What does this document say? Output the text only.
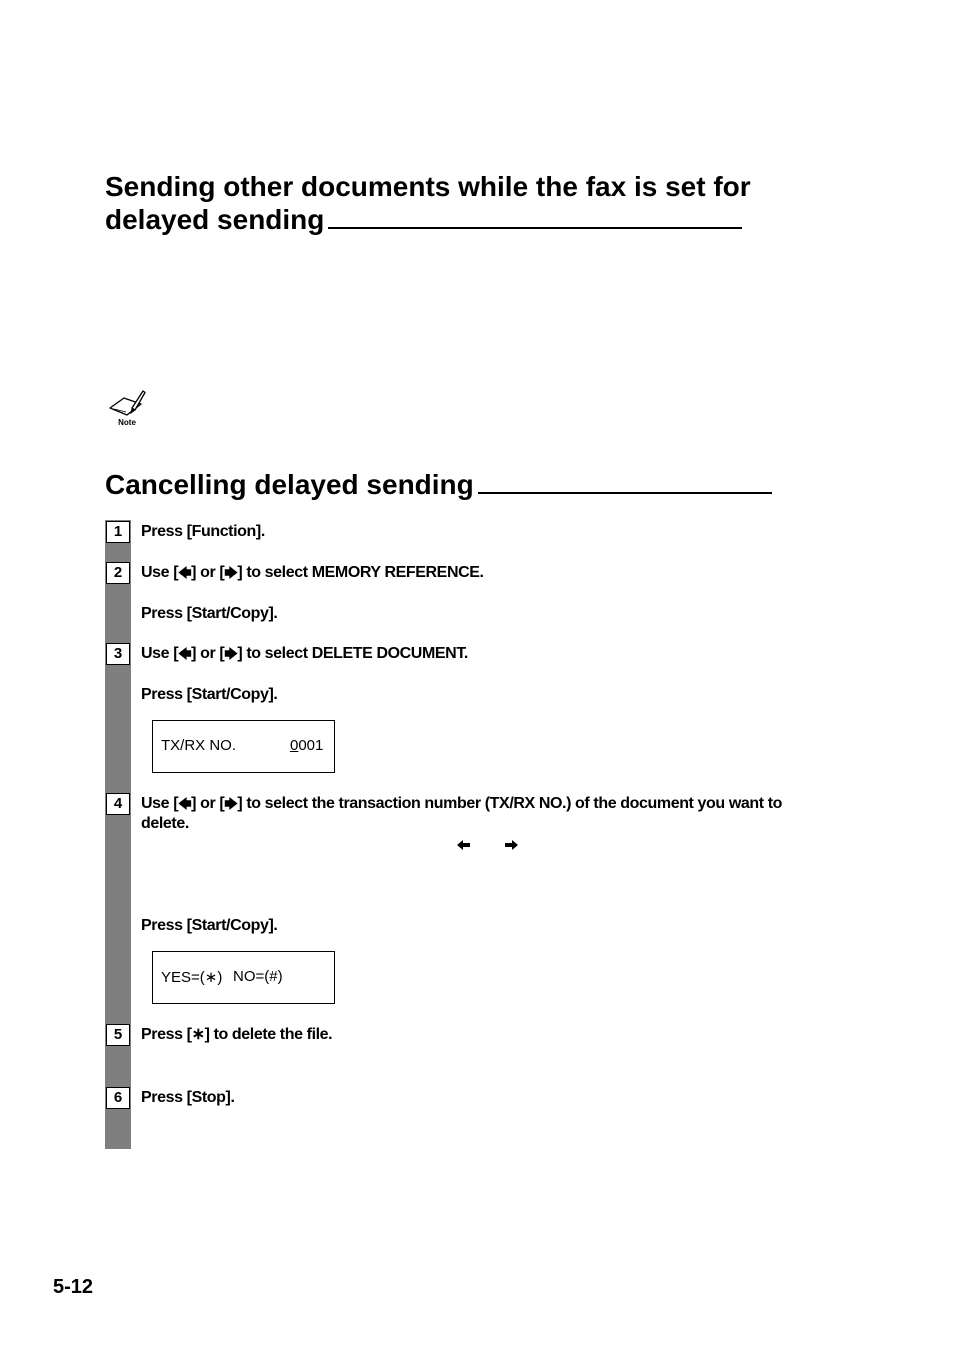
Sending other documents while the fax is set for delayed sending
Note
Cancelling delayed sending
1	Press [Function].

2	Use [🡄] or [🡆] to select MEMORY REFERENCE.

Press [Start/Copy].

3	Use [🡄] or [🡆] to select DELETE DOCUMENT.

Press [Start/Copy].

TX/RX NO.	0001
4	Use [🡄] or [🡆] to select the transaction number (TX/RX NO.) of the document you want to delete.

Press [Start/Copy].

YES=(∗) NO=(#)
5	Press [∗] to delete the file.

6	Press [Stop].

5-12
